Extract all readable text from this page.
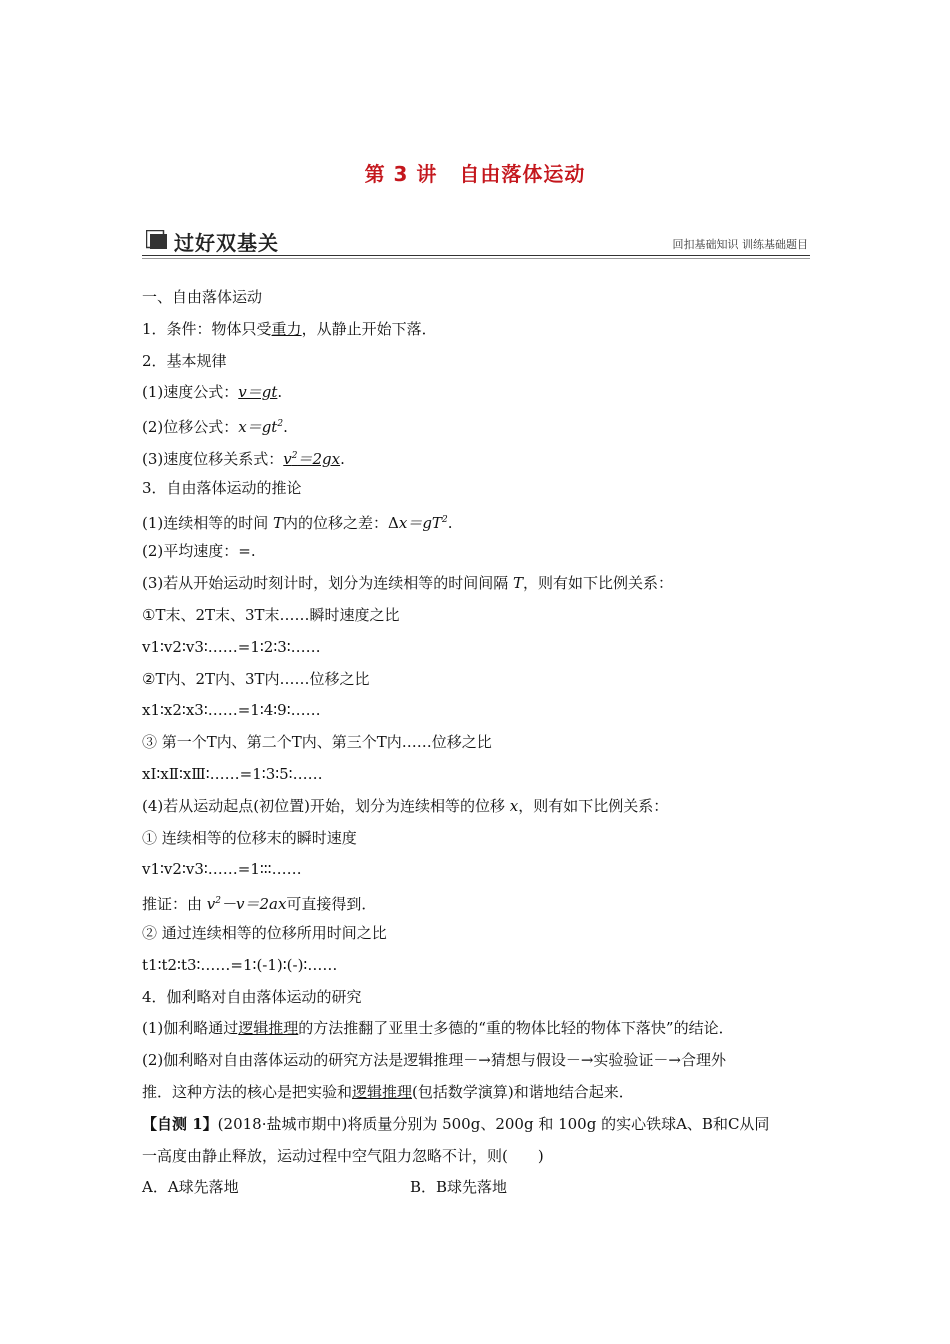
第 3 讲 自由落体运动
过好双基关	回扣基础知识 训练基础题目
一、自由落体运动
1．条件：物体只受重力，从静止开始下落．
2．基本规律
(1)速度公式：v＝gt.
(2)位移公式：$x=gt^2$.
(3)速度位移关系式：$v^2=2gx$.
3．自由落体运动的推论
(1)连续相等的时间 T内的位移之差：$\Delta x=gT^2$.
(2)平均速度：=.
(3)若从开始运动时刻计时，划分为连续相等的时间间隔 T，则有如下比例关系：
①T末、2T末、3T末……瞬时速度之比
v1∶v2∶v3∶……=1∶2∶3∶……
②T内、2T内、3T内……位移之比
x1∶x2∶x3∶……=1∶4∶9∶……
③ 第一个T内、第二个T内、第三个T内……位移之比
xⅠ∶xⅡ∶xⅢ∶……=1∶3∶5∶……
(4)若从运动起点(初位置)开始，划分为连续相等的位移 x，则有如下比例关系：
① 连续相等的位移末的瞬时速度
v1∶v2∶v3∶……=1∶∶∶……
推证：由 $v^2-v=2ax$可直接得到．
② 通过连续相等的位移所用时间之比
t1∶t2∶t3∶……=1∶(-1)∶(-)∶……
4．伽利略对自由落体运动的研究
(1)伽利略通过逻辑推理的方法推翻了亚里士多德的“重的物体比轻的物体下落快”的结论．
(2)伽利略对自由落体运动的研究方法是逻辑推理－→猜想与假设－→实验验证－→合理外
推．这种方法的核心是把实验和逻辑推理(包括数学演算)和谐地结合起来．
【自测 1】(2018·盐城市期中)将质量分别为 500g、200g 和 100g 的实心铁球A、B和C从同
一高度由静止释放，运动过程中空气阻力忽略不计，则(　　)
A．A球先落地	B．B球先落地
